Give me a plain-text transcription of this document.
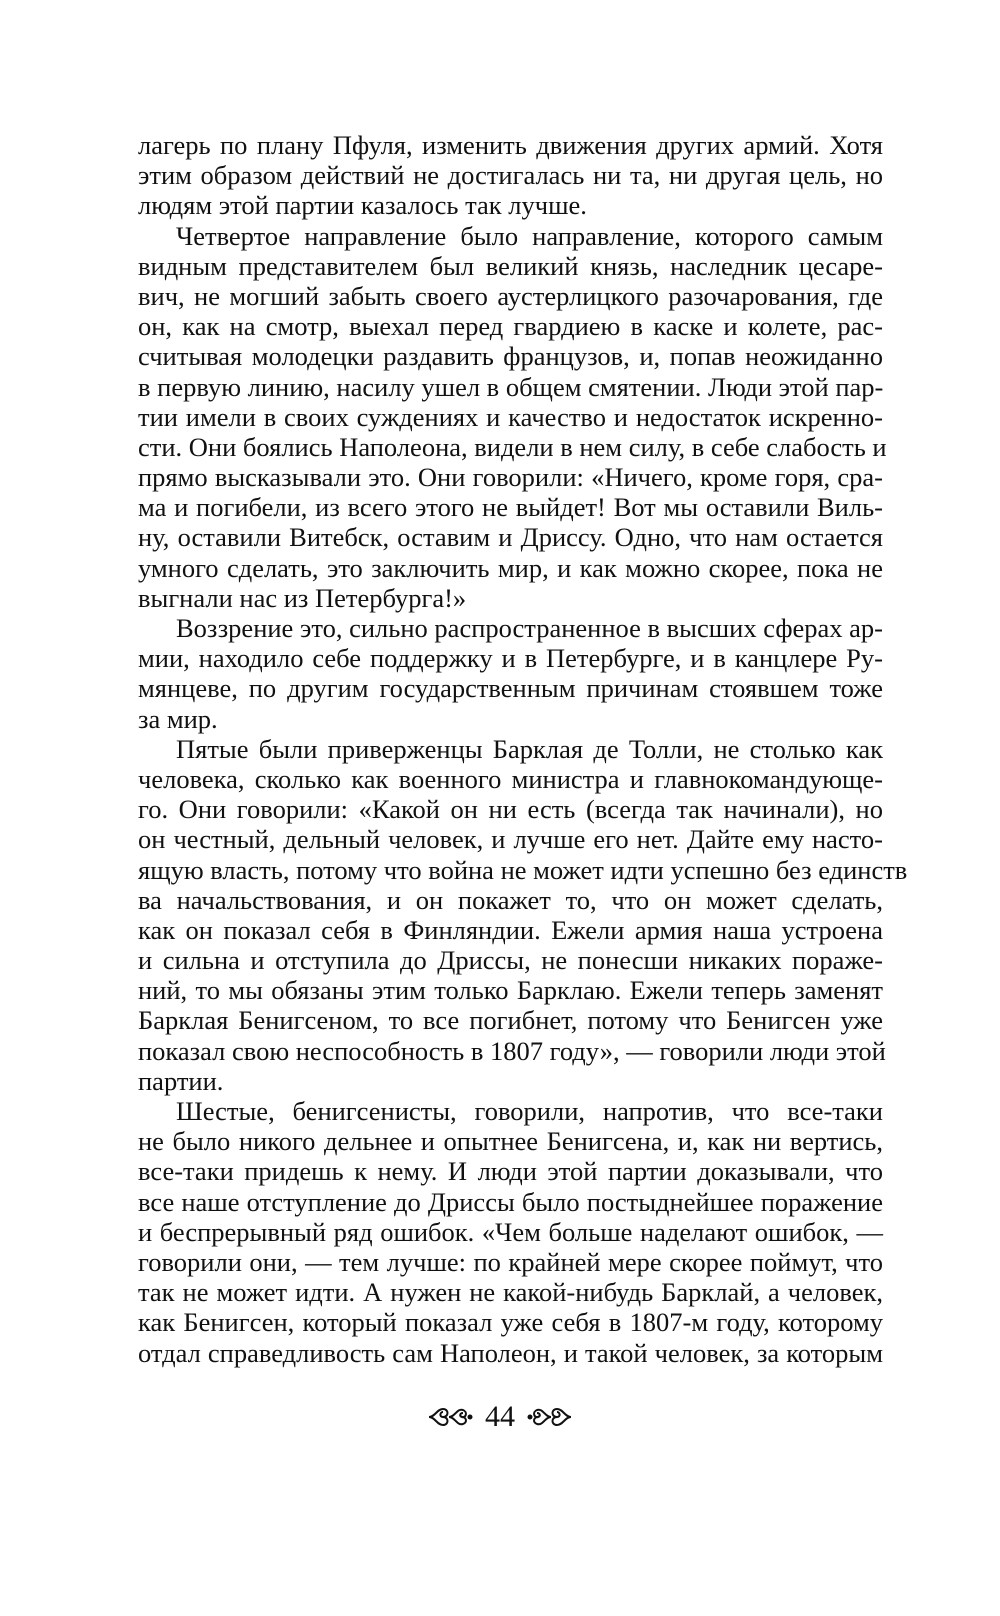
лагерь по плану Пфуля, изменить движения других армий. Хотя
этим образом действий не достигалась ни та, ни другая цель, но
людям этой партии казалось так лучше.
Четвертое направление было направление, которого самым
видным представителем был великий князь, наследник цесаре-
вич, не могший забыть своего аустерлицкого разочарования, где
он, как на смотр, выехал перед гвардиею в каске и колете, рас-
считывая молодецки раздавить французов, и, попав неожиданно
в первую линию, насилу ушел в общем смятении. Люди этой пар-
тии имели в своих суждениях и качество и недостаток искренно-
сти. Они боялись Наполеона, видели в нем силу, в себе слабость и
прямо высказывали это. Они говорили: «Ничего, кроме горя, сра-
ма и погибели, из всего этого не выйдет! Вот мы оставили Виль-
ну, оставили Витебск, оставим и Дриссу. Одно, что нам остается
умного сделать, это заключить мир, и как можно скорее, пока не
выгнали нас из Петербурга!»
Воззрение это, сильно распространенное в высших сферах ар-
мии, находило себе поддержку и в Петербурге, и в канцлере Ру-
мянцеве, по другим государственным причинам стоявшем тоже
за мир.
Пятые были приверженцы Барклая де Толли, не столько как
человека, сколько как военного министра и главнокомандующе-
го. Они говорили: «Какой он ни есть (всегда так начинали), но
он честный, дельный человек, и лучше его нет. Дайте ему насто-
ящую власть, потому что война не может идти успешно без единств
ва начальствования, и он покажет то, что он может сделать,
как он показал себя в Финляндии. Ежели армия наша устроена
и сильна и отступила до Дриссы, не понесши никаких пораже-
ний, то мы обязаны этим только Барклаю. Ежели теперь заменят
Барклая Бенигсеном, то все погибнет, потому что Бенигсен уже
показал свою неспособность в 1807 году», — говорили люди этой
партии.
Шестые, бенигсенисты, говорили, напротив, что все-таки
не было никого дельнее и опытнее Бенигсена, и, как ни вертись,
все-таки придешь к нему. И люди этой партии доказывали, что
все наше отступление до Дриссы было постыднейшее поражение
и беспрерывный ряд ошибок. «Чем больше наделают ошибок, —
говорили они, — тем лучше: по крайней мере скорее поймут, что
так не может идти. А нужен не какой-нибудь Барклай, а человек,
как Бенигсен, который показал уже себя в 1807-м году, которому
отдал справедливость сам Наполеон, и такой человек, за которым
44
